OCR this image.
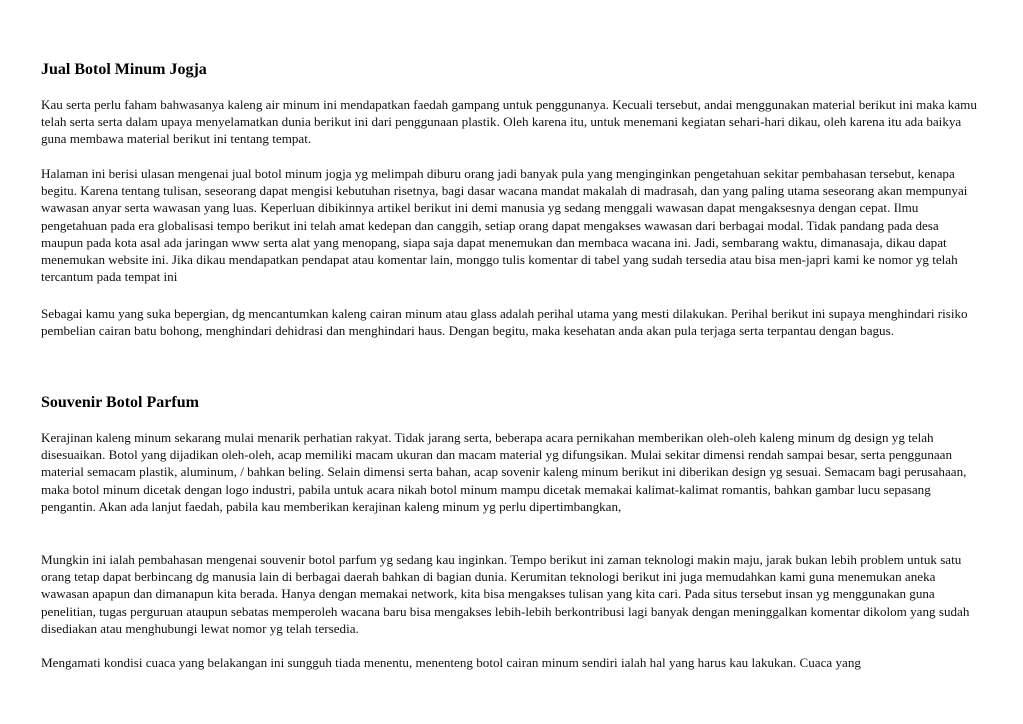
Jual Botol Minum Jogja

Kau serta perlu faham bahwasanya kaleng air minum ini mendapatkan faedah gampang untuk penggunanya. Kecuali tersebut, andai menggunakan material berikut ini maka kamu telah serta serta dalam upaya menyelamatkan dunia berikut ini dari penggunaan plastik. Oleh karena itu, untuk menemani kegiatan sehari-hari dikau, oleh karena itu ada baikya guna membawa material berikut ini tentang tempat.

Halaman ini berisi ulasan mengenai jual botol minum jogja yg melimpah diburu orang jadi banyak pula yang menginginkan pengetahuan sekitar pembahasan tersebut, kenapa begitu. Karena tentang tulisan, seseorang dapat mengisi kebutuhan risetnya, bagi dasar wacana mandat makalah di madrasah, dan yang paling utama seseorang akan mempunyai wawasan anyar serta wawasan yang luas. Keperluan dibikinnya artikel berikut ini demi manusia yg sedang menggali wawasan dapat mengaksesnya dengan cepat. Ilmu pengetahuan pada era globalisasi tempo berikut ini telah amat kedepan dan canggih, setiap orang dapat mengakses wawasan dari berbagai modal. Tidak pandang pada desa maupun pada kota asal ada jaringan www serta alat yang menopang, siapa saja dapat menemukan dan membaca wacana ini. Jadi, sembarang waktu, dimanasaja, dikau dapat menemukan website ini. Jika dikau mendapatkan pendapat atau komentar lain, monggo tulis komentar di tabel yang sudah tersedia atau bisa men-japri kami ke nomor yg telah tercantum pada tempat ini

Sebagai kamu yang suka bepergian, dg mencantumkan kaleng cairan minum atau glass adalah perihal utama yang mesti dilakukan. Perihal berikut ini supaya menghindari risiko pembelian cairan batu bohong, menghindari dehidrasi dan menghindari haus. Dengan begitu, maka kesehatan anda akan pula terjaga serta terpantau dengan bagus.

Souvenir Botol Parfum

Kerajinan kaleng minum sekarang mulai menarik perhatian rakyat. Tidak jarang serta, beberapa acara pernikahan memberikan oleh-oleh kaleng minum dg design yg telah disesuaikan. Botol yang dijadikan oleh-oleh, acap memiliki macam ukuran dan macam material yg difungsikan. Mulai sekitar dimensi rendah sampai besar, serta penggunaan material semacam plastik, aluminum, / bahkan beling. Selain dimensi serta bahan, acap sovenir kaleng minum berikut ini diberikan design yg sesuai. Semacam bagi perusahaan, maka botol minum dicetak dengan logo industri, pabila untuk acara nikah botol minum mampu dicetak memakai kalimat-kalimat romantis, bahkan gambar lucu sepasang pengantin. Akan ada lanjut faedah, pabila kau memberikan kerajinan kaleng minum yg perlu dipertimbangkan,

Mungkin ini ialah pembahasan mengenai souvenir botol parfum yg sedang kau inginkan. Tempo berikut ini zaman teknologi makin maju, jarak bukan lebih problem untuk satu orang tetap dapat berbincang dg manusia lain di berbagai daerah bahkan di bagian dunia. Kerumitan teknologi berikut ini juga memudahkan kami guna menemukan aneka wawasan apapun dan dimanapun kita berada. Hanya dengan memakai network, kita bisa mengakses tulisan yang kita cari. Pada situs tersebut insan yg menggunakan guna penelitian, tugas perguruan ataupun sebatas memperoleh wacana baru bisa mengakses lebih-lebih berkontribusi lagi banyak dengan meninggalkan komentar dikolom yang sudah disediakan atau menghubungi lewat nomor yg telah tersedia.

Mengamati kondisi cuaca yang belakangan ini sungguh tiada menentu, menenteng botol cairan minum sendiri ialah hal yang harus kau lakukan. Cuaca yang
